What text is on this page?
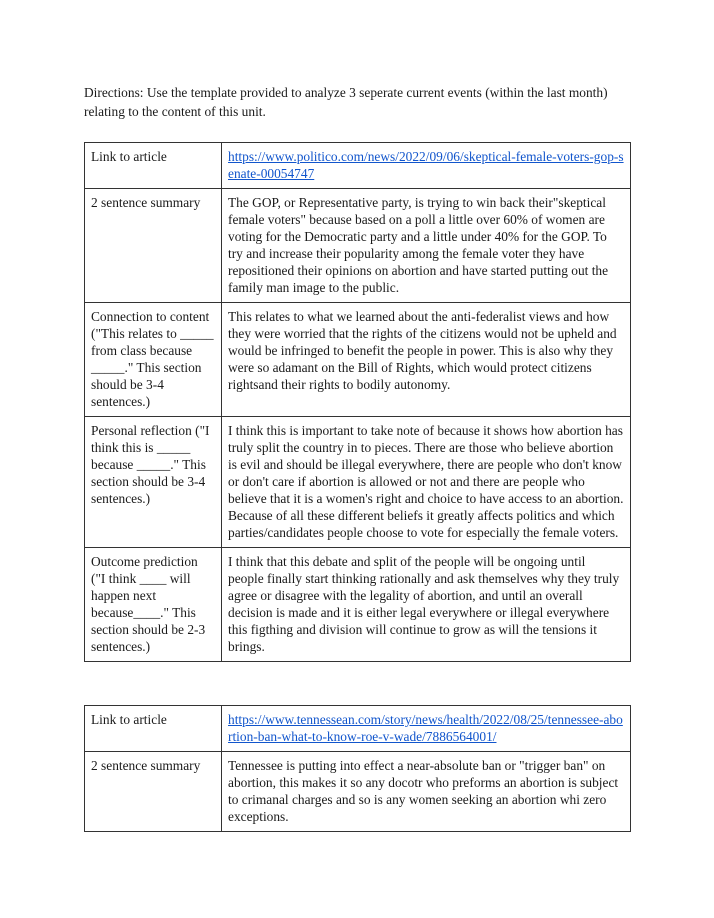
Directions: Use the template provided to analyze 3 seperate current events (within the last month) relating to the content of this unit.
Link to article	https://www.politico.com/news/2022/09/06/skeptical-female-voters-gop-senate-00054747
2 sentence summary	The GOP, or Representative party, is trying to win back their"skeptical female voters" because based on a poll a little over 60% of women are voting for the Democratic party and a little under 40% for the GOP. To try and increase their popularity among the female voter they have repositioned their opinions on abortion and have started putting out the family man image to the public.
Connection to content ("This relates to _____ from class because _____." This section should be 3-4 sentences.)	This relates to what we learned about the anti-federalist views and how they were worried that the rights of the citizens would not be upheld and would be infringed to benefit the people in power. This is also why they were so adamant on the Bill of Rights, which would protect citizens rightsand their rights to bodily autonomy.
Personal reflection ("I think this is _____ because _____." This section should be 3-4 sentences.)	I think this is important to take note of because it shows how abortion has truly split the country in to pieces. There are those who believe abortion is evil and should be illegal everywhere, there are people who don't know or don't care if abortion is allowed or not and there are people who believe that it is a women's right and choice to have access to an abortion. Because of all these different beliefs it greatly affects politics and which parties/candidates people choose to vote for especially the female voters.
Outcome prediction ("I think ____ will happen next because____." This section should be 2-3 sentences.)	I think that this debate and split of the people will be ongoing until people finally start thinking rationally and ask themselves why they truly agree or disagree with the legality of abortion, and until an overall decision is made and it is either legal everywhere or illegal everywhere this figthing and division will continue to grow as will the tensions it brings.
Link to article	https://www.tennessean.com/story/news/health/2022/08/25/tennessee-abortion-ban-what-to-know-roe-v-wade/7886564001/
2 sentence summary	Tennessee is putting into effect a near-absolute ban or "trigger ban" on abortion, this makes it so any docotr who preforms an abortion is subject to crimanal charges and so is any women seeking an abortion whi zero exceptions.
